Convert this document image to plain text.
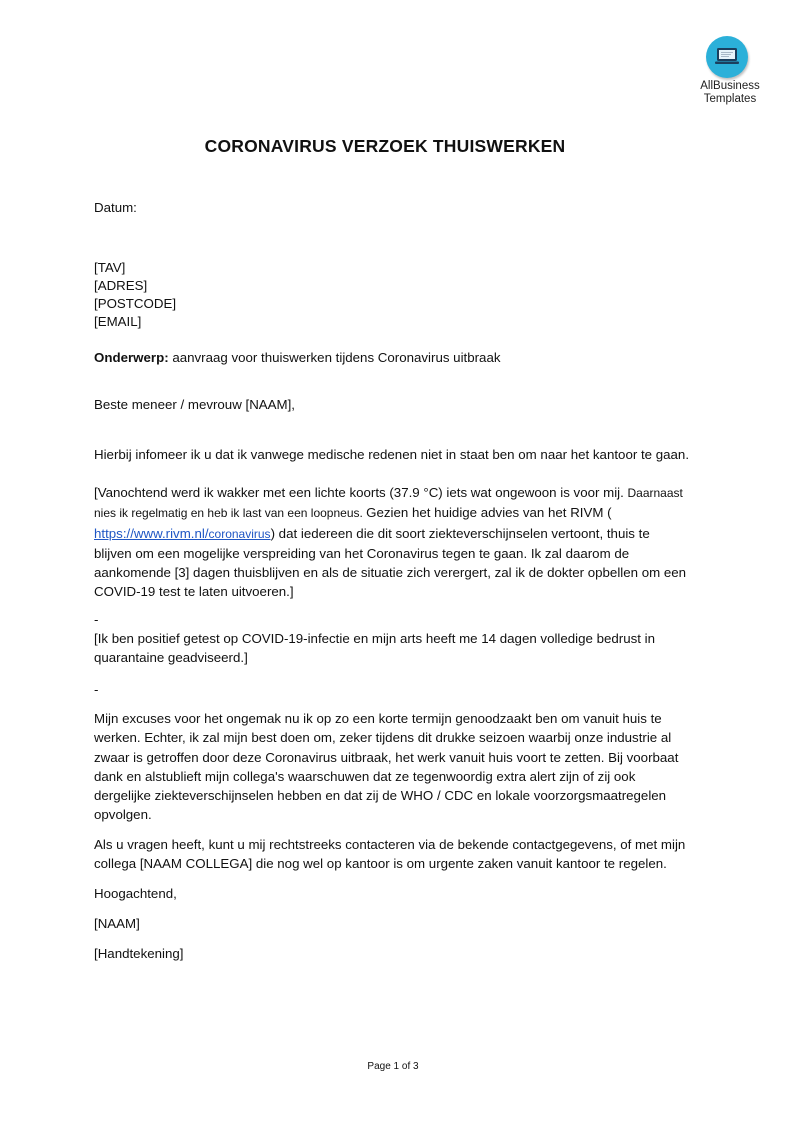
AllBusiness
Templates
CORONAVIRUS VERZOEK THUISWERKEN
Datum:
[TAV]
[ADRES]
[POSTCODE]
[EMAIL]
Onderwerp: aanvraag voor thuiswerken tijdens Coronavirus uitbraak
Beste meneer / mevrouw [NAAM],
Hierbij infomeer ik u dat ik vanwege medische redenen niet in staat ben om naar het kantoor te gaan.
[Vanochtend werd ik wakker met een lichte koorts (37.9 °C) iets wat ongewoon is voor mij. Daarnaast
nies ik regelmatig en heb ik last van een loopneus. Gezien het huidige advies van het RIVM (
https://www.rivm.nl/coronavirus) dat iedereen die dit soort ziekteverschijnselen vertoont, thuis te
blijven om een mogelijke verspreiding van het Coronavirus tegen te gaan. Ik zal daarom de
aankomende [3] dagen thuisblijven en als de situatie zich verergert, zal ik de dokter opbellen om een
COVID-19 test te laten uitvoeren.]
-
[Ik ben positief getest op COVID-19-infectie en mijn arts heeft me 14 dagen volledige bedrust in
quarantaine geadviseerd.]
-
Mijn excuses voor het ongemak nu ik op zo een korte termijn genoodzaakt ben om vanuit huis te
werken. Echter, ik zal mijn best doen om, zeker tijdens dit drukke seizoen waarbij onze industrie al
zwaar is getroffen door deze Coronavirus uitbraak, het werk vanuit huis voort te zetten. Bij voorbaat
dank en alstublieft mijn collega's waarschuwen dat ze tegenwoordig extra alert zijn of zij ook
dergelijke ziekteverschijnselen hebben en dat zij de WHO / CDC en lokale voorzorgsmaatregelen
opvolgen.
Als u vragen heeft, kunt u mij rechtstreeks contacteren via de bekende contactgegevens, of met mijn
collega [NAAM COLLEGA] die nog wel op kantoor is om urgente zaken vanuit kantoor te regelen.
Hoogachtend,
[NAAM]
[Handtekening]
Page 1 of 3
